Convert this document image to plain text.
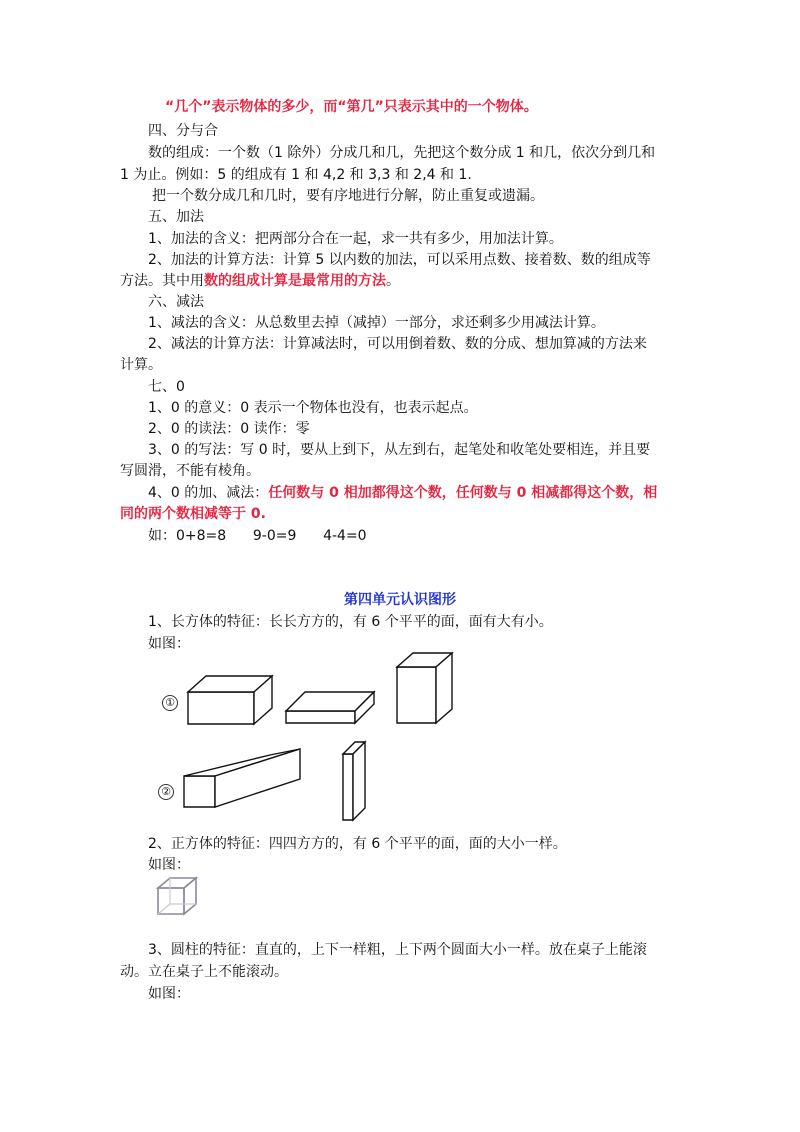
“几个”表示物体的多少，而“第几”只表示其中的一个物体。
四、分与合
数的组成：一个数（1 除外）分成几和几，先把这个数分成 1 和几，依次分到几和
1 为止。例如：5 的组成有 1 和 4,2 和 3,3 和 2,4 和 1.
把一个数分成几和几时，要有序地进行分解，防止重复或遗漏。
五、加法
1、加法的含义：把两部分合在一起，求一共有多少，用加法计算。
2、加法的计算方法：计算 5 以内数的加法，可以采用点数、接着数、数的组成等
方法。其中用数的组成计算是最常用的方法。
六、减法
1、减法的含义：从总数里去掉（减掉）一部分，求还剩多少用减法计算。
2、减法的计算方法：计算减法时，可以用倒着数、数的分成、想加算减的方法来
计算。
七、0
1、0 的意义：0 表示一个物体也没有，也表示起点。
2、0 的读法：0 读作：零
3、0 的写法：写 0 时，要从上到下，从左到右，起笔处和收笔处要相连，并且要
写圆滑，不能有棱角。
4、0 的加、减法：任何数与 0 相加都得这个数，任何数与 0 相减都得这个数，相
同的两个数相减等于 0.
如：0+8=8      9-0=9      4-4=0
第四单元认识图形
1、长方体的特征：长长方方的，有 6 个平平的面，面有大有小。
如图：
①
②
2、正方体的特征：四四方方的，有 6 个平平的面，面的大小一样。
如图：
3、圆柱的特征：直直的，上下一样粗，上下两个圆面大小一样。放在桌子上能滚
动。立在桌子上不能滚动。
如图：
